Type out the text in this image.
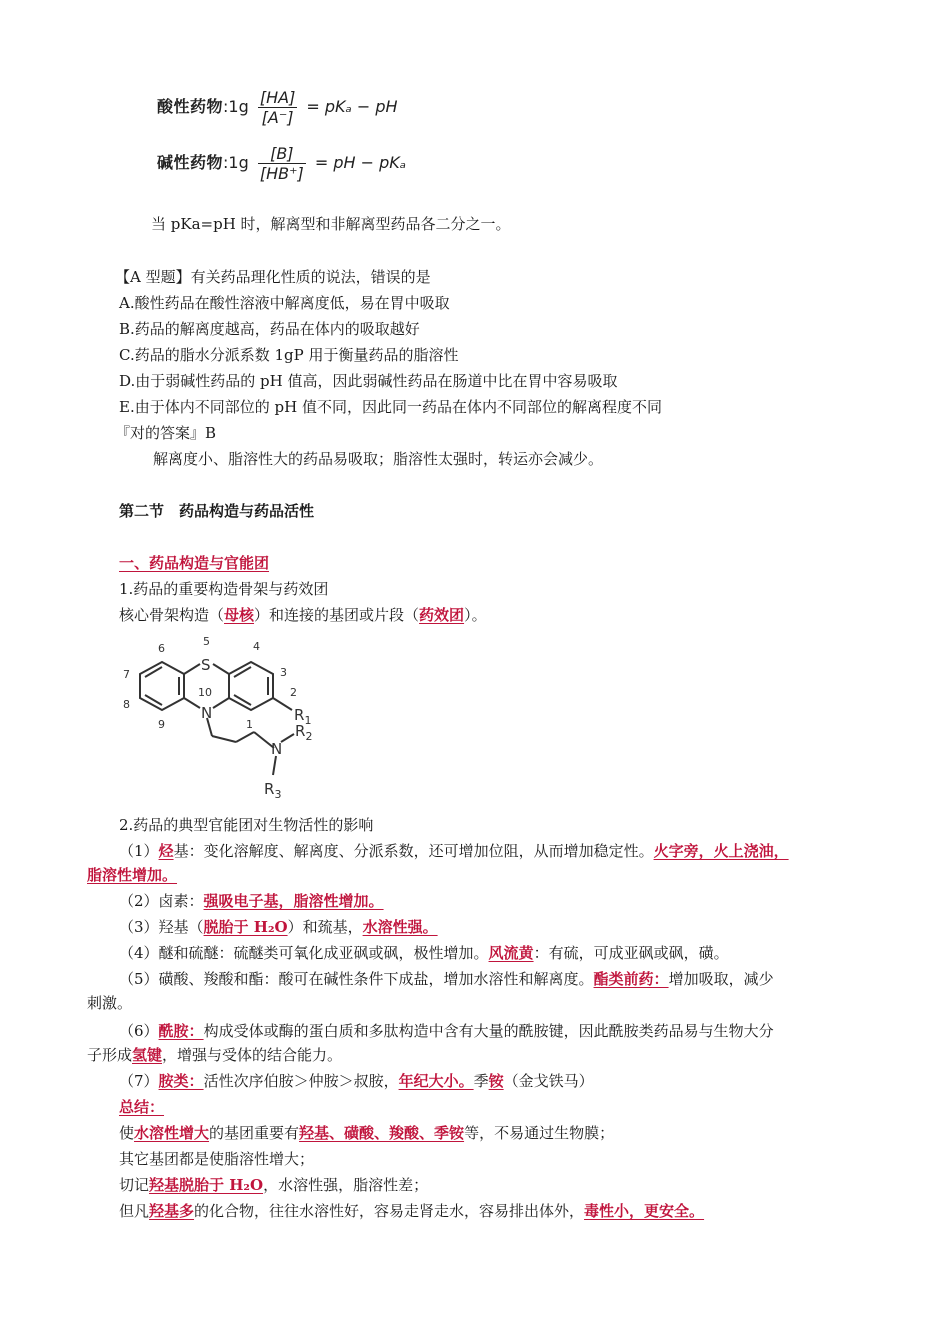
酸性药物:1g $\frac{[HA]}{[A^-]} = pK_a$ − pH
碱性药物:1g $\frac{[B]}{[HB^+]}$ = pH − pKₐ
当 pKa=pH 时，解离型和非解离型药品各二分之一。
【A 型题】有关药品理化性质的说法，错误的是
A.酸性药品在酸性溶液中解离度低，易在胃中吸取
B.药品的解离度越高，药品在体内的吸取越好
C.药品的脂水分派系数 1gP 用于衡量药品的脂溶性
D.由于弱碱性药品的 pH 值高，因此弱碱性药品在肠道中比在胃中容易吸取
E.由于体内不同部位的 pH 值不同，因此同一药品在体内不同部位的解离程度不同
『对的答案』B
解离度小、脂溶性大的药品易吸取；脂溶性太强时，转运亦会减少。
第二节　药品构造与药品活性
一、药品构造与官能团
1.药品的重要构造骨架与药效团
核心骨架构造（母核）和连接的基团或片段（药效团）。
S
N
N
5
6	4
7	3
2
8
10
1
9
$R_1$
$R_2$
$R_3$
2.药品的典型官能团对生物活性的影响
（1）烃基：变化溶解度、解离度、分派系数，还可增加位阻，从而增加稳定性。火字旁，火上浇油，
脂溶性增加。
（2）卤素：强吸电子基，脂溶性增加。
（3）羟基（脱胎于 H₂O）和巯基，水溶性强。
（4）醚和硫醚：硫醚类可氧化成亚砜或砜，极性增加。风流黄：有硫，可成亚砜或砜，磺。
（5）磺酸、羧酸和酯：酸可在碱性条件下成盐，增加水溶性和解离度。酯类前药：增加吸取，减少
刺激。
（6）酰胺：构成受体或酶的蛋白质和多肽构造中含有大量的酰胺键，因此酰胺类药品易与生物大分
子形成氢键，增强与受体的结合能力。
（7）胺类：活性次序伯胺＞仲胺＞叔胺，年纪大小。季铵（金戈铁马）
总结：
使水溶性增大的基团重要有羟基、磺酸、羧酸、季铵等，不易通过生物膜；
其它基团都是使脂溶性增大；
切记羟基脱胎于 H₂O，水溶性强，脂溶性差；
但凡羟基多的化合物，往往水溶性好，容易走肾走水，容易排出体外，毒性小，更安全。
